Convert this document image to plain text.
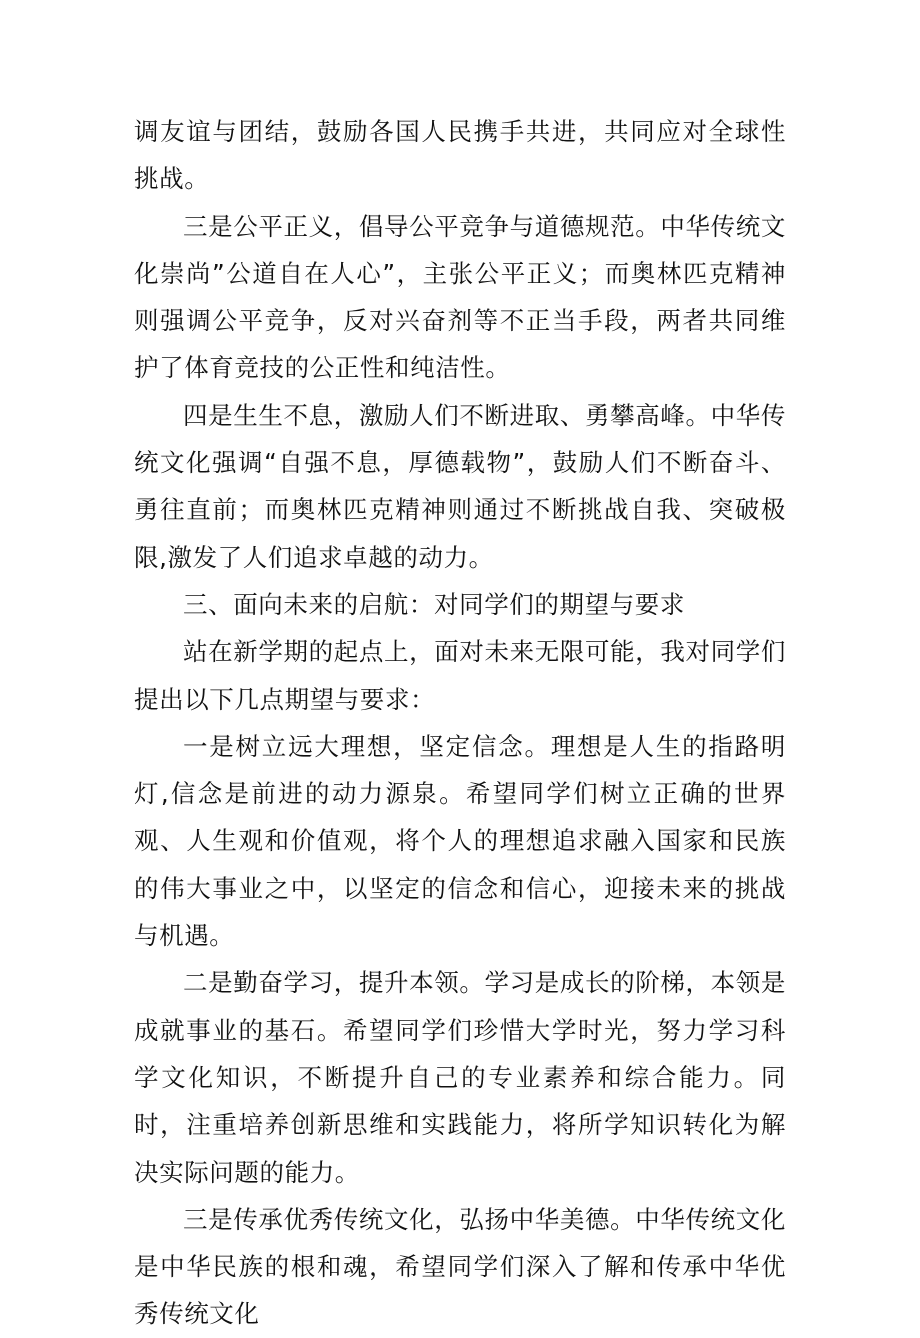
调友谊与团结，鼓励各国人民携手共进，共同应对全球性挑战。

三是公平正义，倡导公平竞争与道德规范。中华传统文化崇尚”公道自在人心”，主张公平正义；而奥林匹克精神则强调公平竞争，反对兴奋剂等不正当手段，两者共同维护了体育竞技的公正性和纯洁性。

四是生生不息，激励人们不断进取、勇攀高峰。中华传统文化强调“自强不息，厚德载物”，鼓励人们不断奋斗、勇往直前；而奥林匹克精神则通过不断挑战自我、突破极限,激发了人们追求卓越的动力。

三、面向未来的启航：对同学们的期望与要求

站在新学期的起点上，面对未来无限可能，我对同学们提出以下几点期望与要求：

一是树立远大理想，坚定信念。理想是人生的指路明灯,信念是前进的动力源泉。希望同学们树立正确的世界观、人生观和价值观，将个人的理想追求融入国家和民族的伟大事业之中，以坚定的信念和信心，迎接未来的挑战与机遇。

二是勤奋学习，提升本领。学习是成长的阶梯，本领是成就事业的基石。希望同学们珍惜大学时光，努力学习科学文化知识，不断提升自己的专业素养和综合能力。同时，注重培养创新思维和实践能力，将所学知识转化为解决实际问题的能力。

三是传承优秀传统文化，弘扬中华美德。中华传统文化是中华民族的根和魂，希望同学们深入了解和传承中华优秀传统文化
